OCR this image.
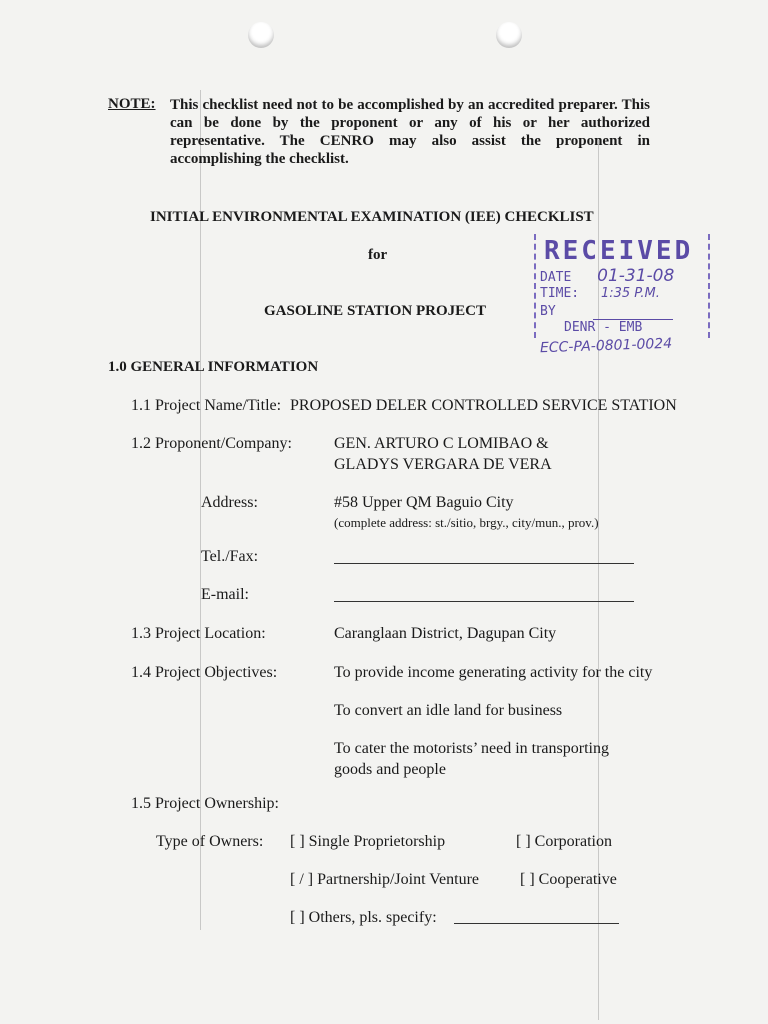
NOTE: This checklist need not to be accomplished by an accredited preparer. This can be done by the proponent or any of his or her authorized representative. The CENRO may also assist the proponent in accomplishing the checklist.
INITIAL ENVIRONMENTAL EXAMINATION (IEE) CHECKLIST
for
GASOLINE STATION PROJECT
RECEIVED
DATE 01-31-08
TIME: 1:35 P.M.
BY
DENR - EMB
ECC-PA-0801-0024
1.0 GENERAL INFORMATION
1.1 Project Name/Title: PROPOSED DELER CONTROLLED SERVICE STATION
1.2 Proponent/Company:	GEN. ARTURO C LOMIBAO &
GLADYS VERGARA DE VERA
Address:	#58 Upper QM Baguio City
(complete address: st./sitio, brgy., city/mun., prov.)
Tel./Fax:
E-mail:
1.3 Project Location:	Caranglaan District, Dagupan City
1.4 Project Objectives:	To provide income generating activity for the city
To convert an idle land for business
To cater the motorists’ need in transporting
goods and people
1.5 Project Ownership:
Type of Owners: [ ] Single Proprietorship	[ ] Corporation
[ / ] Partnership/Joint Venture	[ ] Cooperative
[ ] Others, pls. specify:
